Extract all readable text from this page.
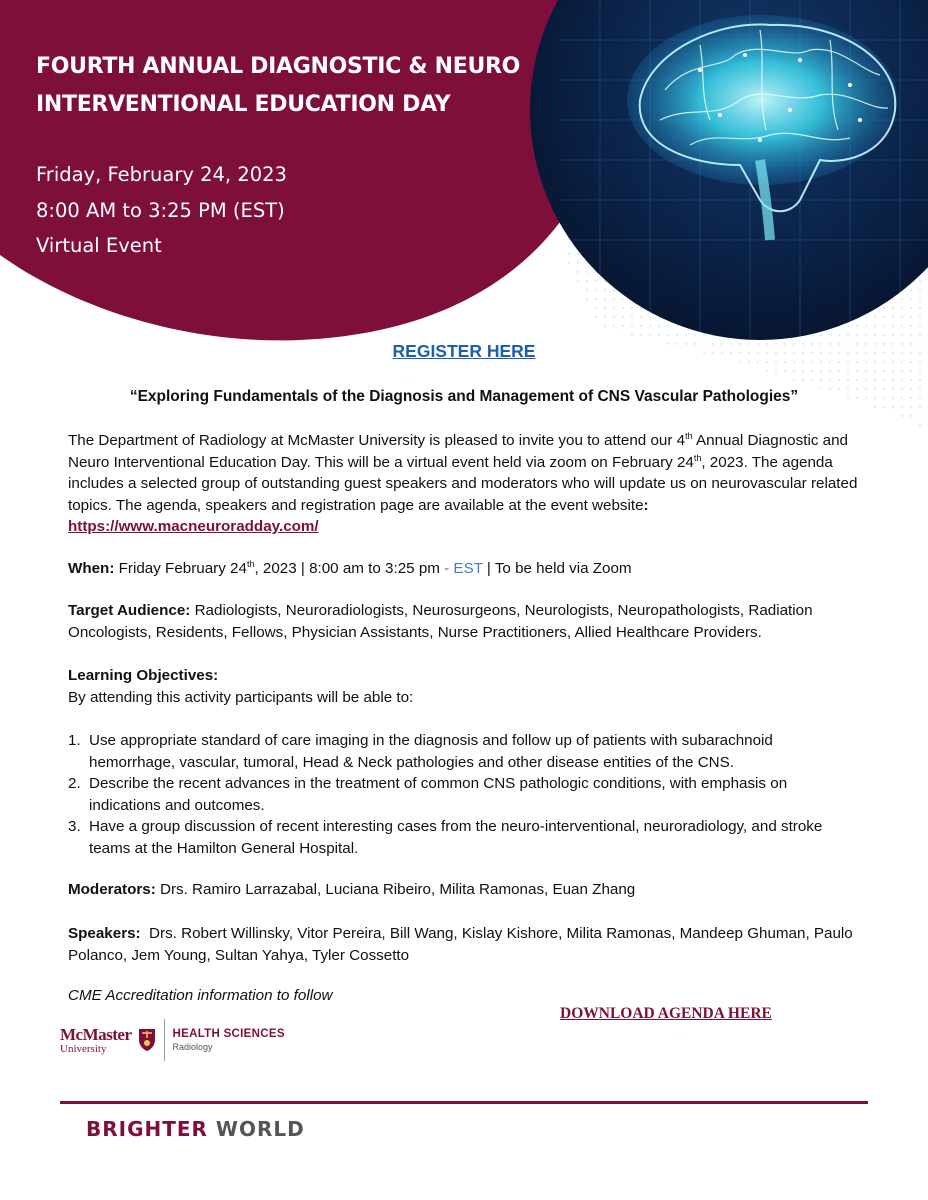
FOURTH ANNUAL DIAGNOSTIC & NEURO
INTERVENTIONAL EDUCATION DAY
Friday, February 24, 2023
8:00 AM to 3:25 PM (EST)
Virtual Event
REGISTER HERE
“Exploring Fundamentals of the Diagnosis and Management of CNS Vascular Pathologies”

The Department of Radiology at McMaster University is pleased to invite you to attend our 4th Annual Diagnostic and Neuro Interventional Education Day. This will be a virtual event held via zoom on February 24th, 2023. The agenda includes a selected group of outstanding guest speakers and moderators who will update us on neurovascular related topics. The agenda, speakers and registration page are available at the event website: https://www.macneuroradday.com/

When: Friday February 24th, 2023 | 8:00 am to 3:25 pm - EST | To be held via Zoom

Target Audience: Radiologists, Neuroradiologists, Neurosurgeons, Neurologists, Neuropathologists, Radiation Oncologists, Residents, Fellows, Physician Assistants, Nurse Practitioners, Allied Healthcare Providers.

Learning Objectives:
By attending this activity participants will be able to:
1. Use appropriate standard of care imaging in the diagnosis and follow up of patients with subarachnoid hemorrhage, vascular, tumoral, Head & Neck pathologies and other disease entities of the CNS.
2. Describe the recent advances in the treatment of common CNS pathologic conditions, with emphasis on indications and outcomes.
3. Have a group discussion of recent interesting cases from the neuro-interventional, neuroradiology, and stroke teams at the Hamilton General Hospital.

Moderators: Drs. Ramiro Larrazabal, Luciana Ribeiro, Milita Ramonas, Euan Zhang

Speakers:  Drs. Robert Willinsky, Vitor Pereira, Bill Wang, Kislay Kishore, Milita Ramonas, Mandeep Ghuman, Paulo Polanco, Jem Young, Sultan Yahya, Tyler Cossetto

CME Accreditation information to follow

DOWNLOAD AGENDA HERE
McMaster
University
HEALTH SCIENCES
Radiology
BRIGHTER WORLD
